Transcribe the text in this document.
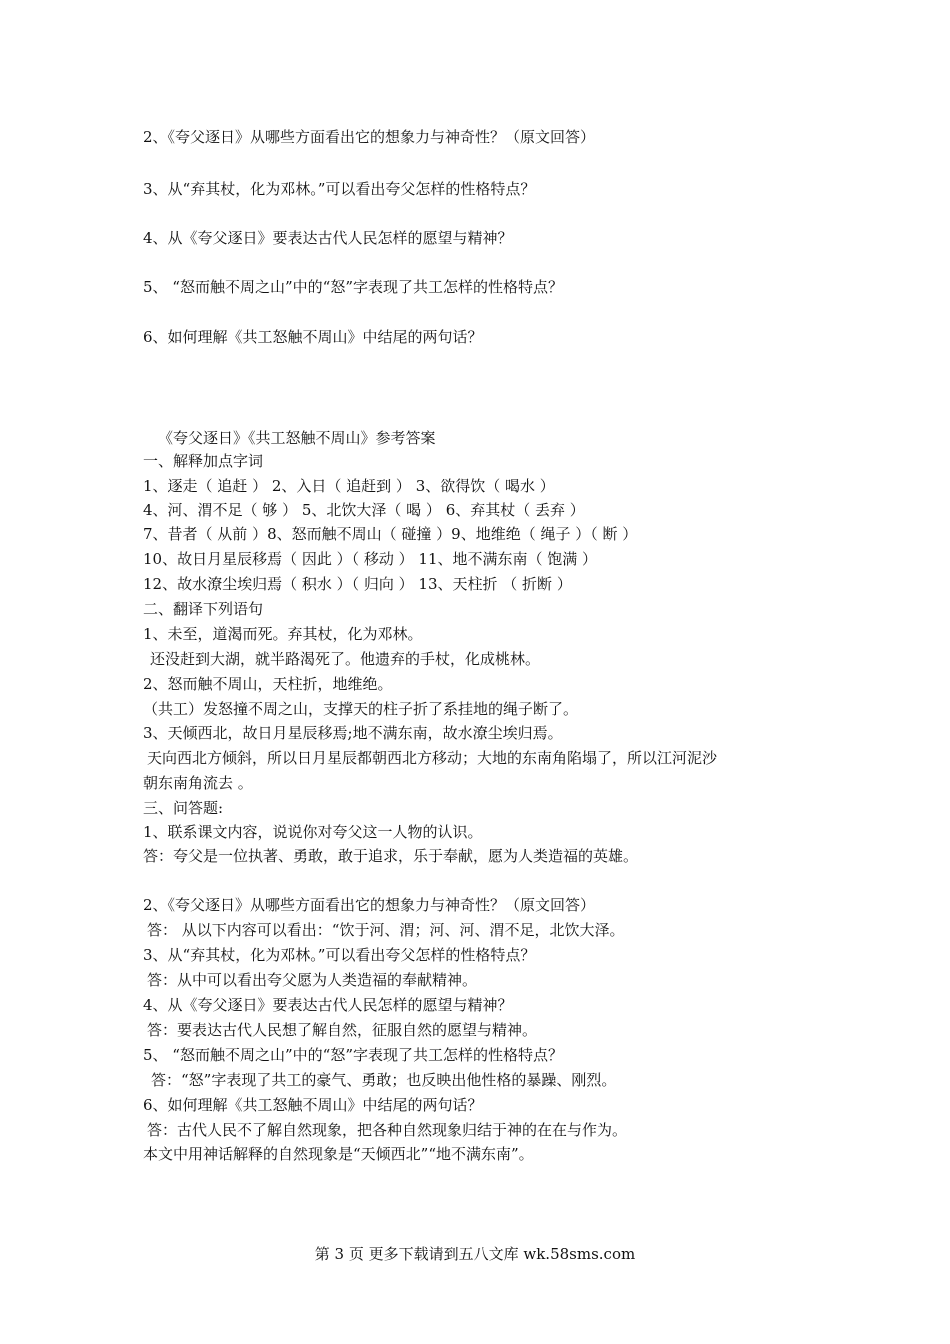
2、《夸父逐日》从哪些方面看出它的想象力与神奇性？（原文回答）
3、从“弃其杖，化为邓林。”可以看出夸父怎样的性格特点？
4、从《夸父逐日》要表达古代人民怎样的愿望与精神？
5、 “怒而触不周之山”中的“怒”字表现了共工怎样的性格特点？
6、如何理解《共工怒触不周山》中结尾的两句话？
《夸父逐日》《共工怒触不周山》参考答案
一、解释加点字词
1、逐走（ 追赶 ） 2、入日（ 追赶到 ） 3、欲得饮（ 喝水 ）
4、河、渭不足（ 够 ） 5、北饮大泽（ 喝 ） 6、弃其杖（ 丢弃 ）
7、昔者（ 从前 ）8、怒而触不周山（ 碰撞 ）9、地维绝（ 绳子 ）（ 断 ）
10、故日月星辰移焉（ 因此 ）（ 移动 ） 11、地不满东南（ 饱满 ）
12、故水潦尘埃归焉（ 积水 ）（ 归向 ） 13、天柱折 （ 折断 ）
二、翻译下列语句
1、未至，道渴而死。弃其杖，化为邓林。
还没赶到大湖，就半路渴死了。他遗弃的手杖，化成桃林。
2、怒而触不周山，天柱折，地维绝。
（共工）发怒撞不周之山，支撑天的柱子折了系挂地的绳子断了。
3、天倾西北，故日月星辰移焉;地不满东南，故水潦尘埃归焉。
天向西北方倾斜，所以日月星辰都朝西北方移动；大地的东南角陷塌了，所以江河泥沙
朝东南角流去 。
三、问答题:
1、联系课文内容，说说你对夸父这一人物的认识。
答：夸父是一位执著、勇敢，敢于追求，乐于奉献，愿为人类造福的英雄。
2、《夸父逐日》从哪些方面看出它的想象力与神奇性？（原文回答）
答： 从以下内容可以看出：“饮于河、渭；河、河、渭不足，北饮大泽。
3、从“弃其杖，化为邓林。”可以看出夸父怎样的性格特点？
答：从中可以看出夸父愿为人类造福的奉献精神。
4、从《夸父逐日》要表达古代人民怎样的愿望与精神？
答：要表达古代人民想了解自然，征服自然的愿望与精神。
5、 “怒而触不周之山”中的“怒”字表现了共工怎样的性格特点？
答：“怒”字表现了共工的豪气、勇敢；也反映出他性格的暴躁、刚烈。
6、如何理解《共工怒触不周山》中结尾的两句话？
答：古代人民不了解自然现象，把各种自然现象归结于神的在在与作为。
本文中用神话解释的自然现象是“天倾西北”“地不满东南”。
第 3 页 更多下载请到五八文库 wk.58sms.com
